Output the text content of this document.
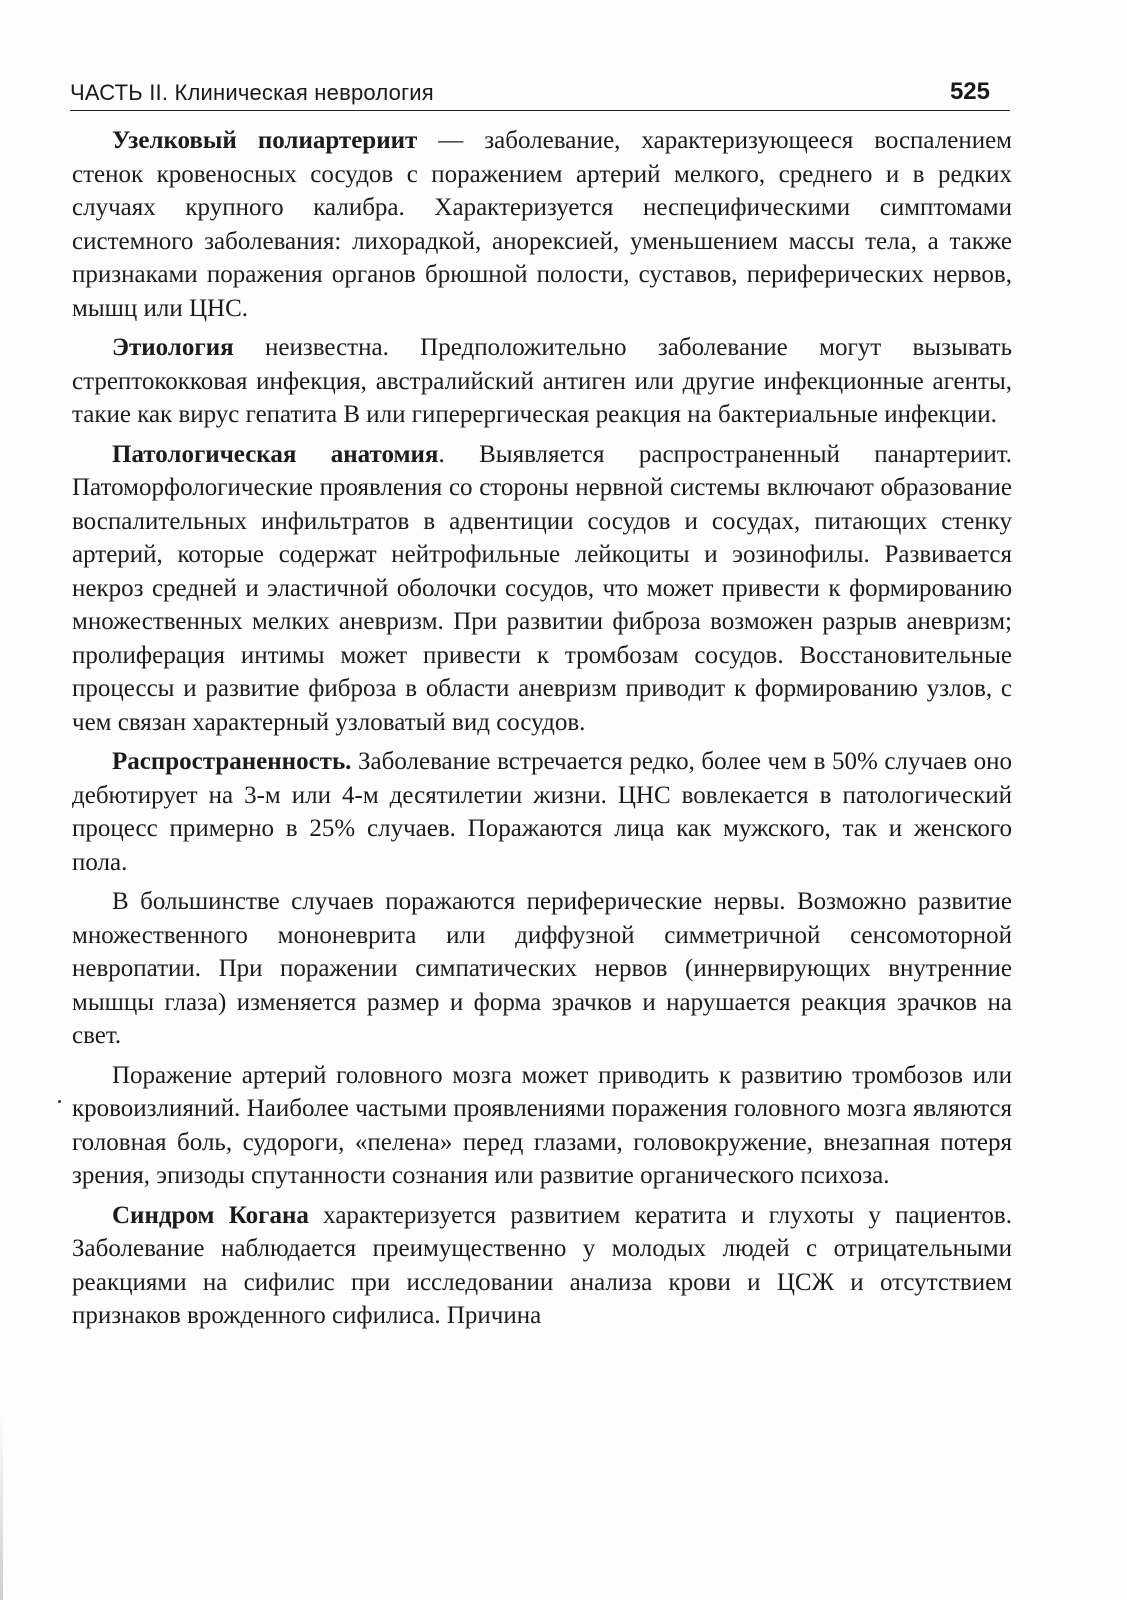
ЧАСТЬ II. Клиническая неврология	525

Узелковый полиартериит — заболевание, характеризующееся воспалением стенок кровеносных сосудов с поражением артерий мелкого, среднего и в редких случаях крупного калибра. Характеризуется неспецифическими симптомами системного заболевания: лихорадкой, анорексией, уменьшением массы тела, а также признаками поражения органов брюшной полости, суставов, периферических нервов, мышц или ЦНС.

Этиология неизвестна. Предположительно заболевание могут вызывать стрептококковая инфекция, австралийский антиген или другие инфекционные агенты, такие как вирус гепатита В или гиперергическая реакция на бактериальные инфекции.

Патологическая анатомия. Выявляется распространенный панартериит. Патоморфологические проявления со стороны нервной системы включают образование воспалительных инфильтратов в адвентиции сосудов и сосудах, питающих стенку артерий, которые содержат нейтрофильные лейкоциты и эозинофилы. Развивается некроз средней и эластичной оболочки сосудов, что может привести к формированию множественных мелких аневризм. При развитии фиброза возможен разрыв аневризм; пролиферация интимы может привести к тромбозам сосудов. Восстановительные процессы и развитие фиброза в области аневризм приводит к формированию узлов, с чем связан характерный узловатый вид сосудов.

Распространенность. Заболевание встречается редко, более чем в 50% случаев оно дебютирует на 3-м или 4-м десятилетии жизни. ЦНС вовлекается в патологический процесс примерно в 25% случаев. Поражаются лица как мужского, так и женского пола.

В большинстве случаев поражаются периферические нервы. Возможно развитие множественного мононеврита или диффузной симметричной сенсомоторной невропатии. При поражении симпатических нервов (иннервирующих внутренние мышцы глаза) изменяется размер и форма зрачков и нарушается реакция зрачков на свет.

Поражение артерий головного мозга может приводить к развитию тромбозов или кровоизлияний. Наиболее частыми проявлениями поражения головного мозга являются головная боль, судороги, «пелена» перед глазами, головокружение, внезапная потеря зрения, эпизоды спутанности сознания или развитие органического психоза.

Синдром Когана характеризуется развитием кератита и глухоты у пациентов. Заболевание наблюдается преимущественно у молодых людей с отрицательными реакциями на сифилис при исследовании анализа крови и ЦСЖ и отсутствием признаков врожденного сифилиса. Причина
